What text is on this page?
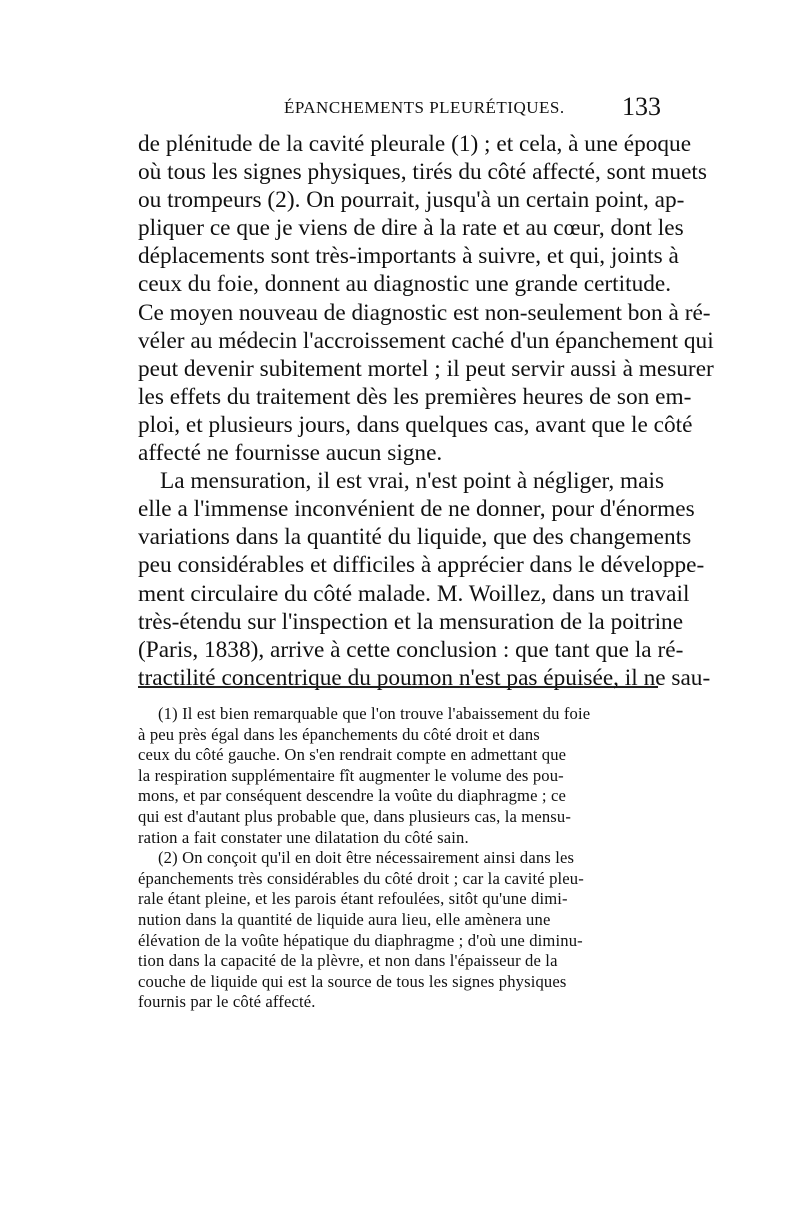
ÉPANCHEMENTS PLEURÉTIQUES. 133

de plénitude de la cavité pleurale (1) ; et cela, à une époque
où tous les signes physiques, tirés du côté affecté, sont muets
ou trompeurs (2). On pourrait, jusqu'à un certain point, ap-
pliquer ce que je viens de dire à la rate et au cœur, dont les
déplacements sont très-importants à suivre, et qui, joints à
ceux du foie, donnent au diagnostic une grande certitude.
Ce moyen nouveau de diagnostic est non-seulement bon à ré-
véler au médecin l'accroissement caché d'un épanchement qui
peut devenir subitement mortel ; il peut servir aussi à mesurer
les effets du traitement dès les premières heures de son em-
ploi, et plusieurs jours, dans quelques cas, avant que le côté
affecté ne fournisse aucun signe.

La mensuration, il est vrai, n'est point à négliger, mais
elle a l'immense inconvénient de ne donner, pour d'énormes
variations dans la quantité du liquide, que des changements
peu considérables et difficiles à apprécier dans le développe-
ment circulaire du côté malade. M. Woillez, dans un travail
très-étendu sur l'inspection et la mensuration de la poitrine
(Paris, 1838), arrive à cette conclusion : que tant que la ré-
tractilité concentrique du poumon n'est pas épuisée, il ne sau-

(1) Il est bien remarquable que l'on trouve l'abaissement du foie
à peu près égal dans les épanchements du côté droit et dans
ceux du côté gauche. On s'en rendrait compte en admettant que
la respiration supplémentaire fît augmenter le volume des pou-
mons, et par conséquent descendre la voûte du diaphragme ; ce
qui est d'autant plus probable que, dans plusieurs cas, la mensu-
ration a fait constater une dilatation du côté sain.

(2) On conçoit qu'il en doit être nécessairement ainsi dans les
épanchements très considérables du côté droit ; car la cavité pleu-
rale étant pleine, et les parois étant refoulées, sitôt qu'une dimi-
nution dans la quantité de liquide aura lieu, elle amènera une
élévation de la voûte hépatique du diaphragme ; d'où une diminu-
tion dans la capacité de la plèvre, et non dans l'épaisseur de la
couche de liquide qui est la source de tous les signes physiques
fournis par le côté affecté.
